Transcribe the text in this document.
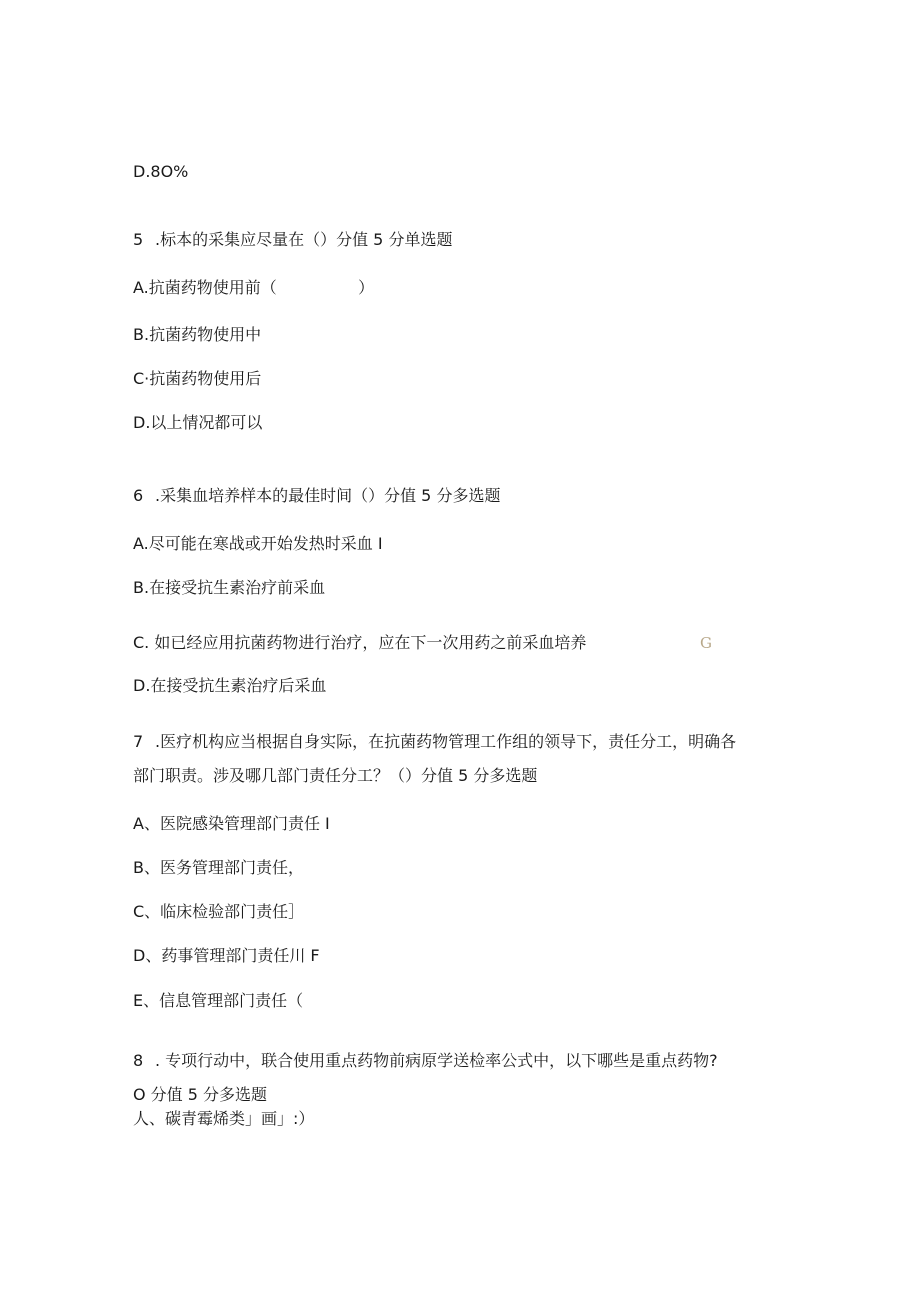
D.8O%
5 .标本的采集应尽量在（）分值 5 分单选题
A.抗菌药物使用前（                ）
B.抗菌药物使用中
C·抗菌药物使用后
D.以上情况都可以
6 .采集血培养样本的最佳时间（）分值 5 分多选题
A.尽可能在寒战或开始发热时采血 I
B.在接受抗生素治疗前采血
C. 如已经应用抗菌药物进行治疗，应在下一次用药之前采血培养	G
D.在接受抗生素治疗后采血
7 .医疗机构应当根据自身实际，在抗菌药物管理工作组的领导下，责任分工，明确各
部门职责。涉及哪几部门责任分工？（）分值 5 分多选题
A、医院感染管理部门责任 I
B、医务管理部门责任，
C、临床检验部门责任］
D、药事管理部门责任川 F
E、信息管理部门责任（
8 . 专项行动中，联合使用重点药物前病原学送检率公式中，以下哪些是重点药物?
O 分值 5 分多选题
人、碳青霉烯类」画」:）
